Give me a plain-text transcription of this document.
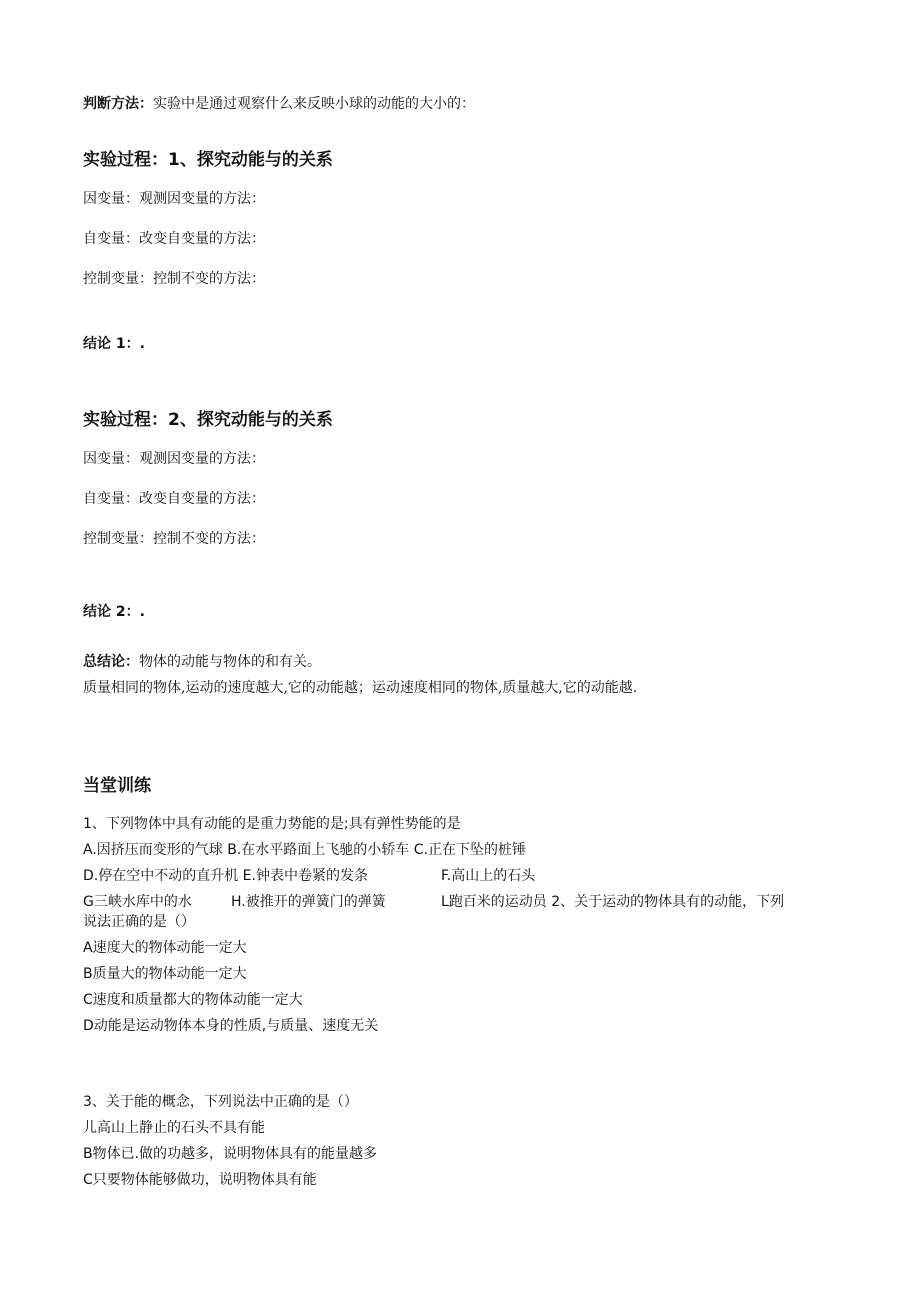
判断方法：实验中是通过观察什么来反映小球的动能的大小的：
实验过程：1、探究动能与的关系
因变量：观测因变量的方法：
自变量：改变自变量的方法：
控制变量：控制不变的方法：
结论 1：.
实验过程：2、探究动能与的关系
因变量：观测因变量的方法：
自变量：改变自变量的方法：
控制变量：控制不变的方法：
结论 2：.
总结论：物体的动能与物体的和有关。
质量相同的物体,运动的速度越大,它的动能越；运动速度相同的物体,质量越大,它的动能越.
当堂训练
1、下列物体中具有动能的是重力势能的是;具有弹性势能的是
A.因挤压而变形的气球 B.在水平路面上飞驰的小轿车 C.正在下坠的桩锤
D.停在空中不动的直升机 E.钟表中卷紧的发条	F.高山上的石头
G三峡水库中的水	H.被推开的弹簧门的弹簧	L跑百米的运动员 2、关于运动的物体具有的动能，下列
说法正确的是（）
A速度大的物体动能一定大
B质量大的物体动能一定大
C速度和质量都大的物体动能一定大
D动能是运动物体本身的性质,与质量、速度无关
3、关于能的概念，下列说法中正确的是（）
儿高山上静止的石头不具有能
B物体已.做的功越多，说明物体具有的能量越多
C只要物体能够做功，说明物体具有能
